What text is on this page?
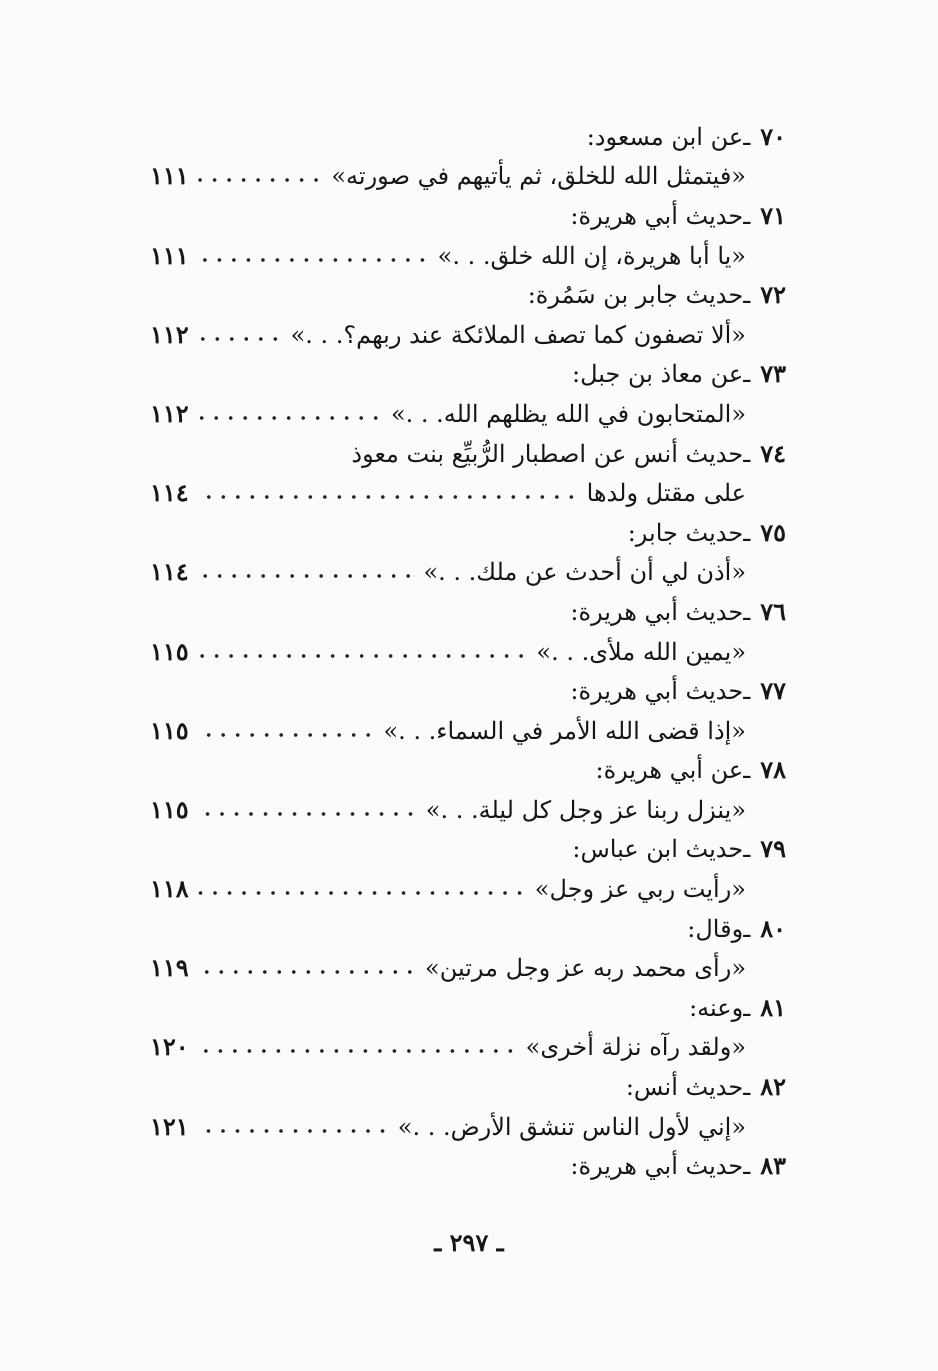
٧٠
ـ
عن ابن مسعود:
«فيتمثل الله للخلق، ثم يأتيهم في صورته»
١١١
٧١
ـ
حديث أبي هريرة:
«يا أبا هريرة، إن الله خلق. . .»
١١١
٧٢
ـ
حديث جابر بن سَمُرة:
«ألا تصفون كما تصف الملائكة عند ربهم؟. . .»
١١٢
٧٣
ـ
عن معاذ بن جبل:
«المتحابون في الله يظلهم الله. . .»
١١٢
٧٤
ـ
حديث أنس عن اصطبار الرُّبيِّع بنت معوذ
على مقتل ولدها
١١٤
٧٥
ـ
حديث جابر:
«أذن لي أن أحدث عن ملك. . .»
١١٤
٧٦
ـ
حديث أبي هريرة:
«يمين الله ملأى. . .»
١١٥
٧٧
ـ
حديث أبي هريرة:
«إذا قضى الله الأمر في السماء. . .»
١١٥
٧٨
ـ
عن أبي هريرة:
«ينزل ربنا عز وجل كل ليلة. . .»
١١٥
٧٩
ـ
حديث ابن عباس:
«رأيت ربي عز وجل»
١١٨
٨٠
ـ
وقال:
«رأى محمد ربه عز وجل مرتين»
١١٩
٨١
ـ
وعنه:
«ولقد رآه نزلة أخرى»
١٢٠
٨٢
ـ
حديث أنس:
«إني لأول الناس تنشق الأرض. . .»
١٢١
٨٣
ـ
حديث أبي هريرة:
ـ ٢٩٧ ـ
